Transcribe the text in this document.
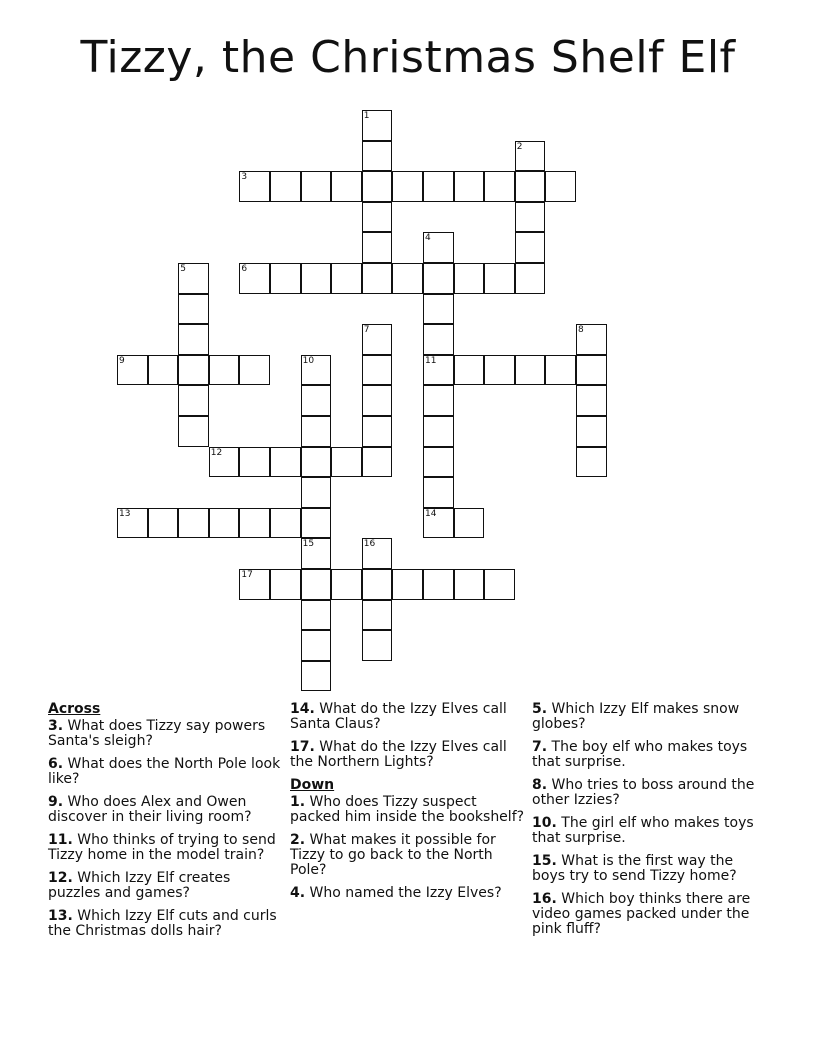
Tizzy, the Christmas Shelf Elf
1
2
3
4
11
14
5	6
7	8
9	10
12
13
15	16
17
Across
3. What does Tizzy say powers Santa's sleigh?
6. What does the North Pole look like?
9. Who does Alex and Owen discover in their living room?
11. Who thinks of trying to send Tizzy home in the model train?
12. Which Izzy Elf creates puzzles and games?
13. Which Izzy Elf cuts and curls the Christmas dolls hair?
14. What do the Izzy Elves call Santa Claus?
17. What do the Izzy Elves call the Northern Lights?
Down
1. Who does Tizzy suspect packed him inside the bookshelf?
2. What makes it possible for Tizzy to go back to the North Pole?
4. Who named the Izzy Elves?
5. Which Izzy Elf makes snow globes?
7. The boy elf who makes toys that surprise.
8. Who tries to boss around the other Izzies?
10. The girl elf who makes toys that surprise.
15. What is the first way the boys try to send Tizzy home?
16. Which boy thinks there are video games packed under the pink fluff?
